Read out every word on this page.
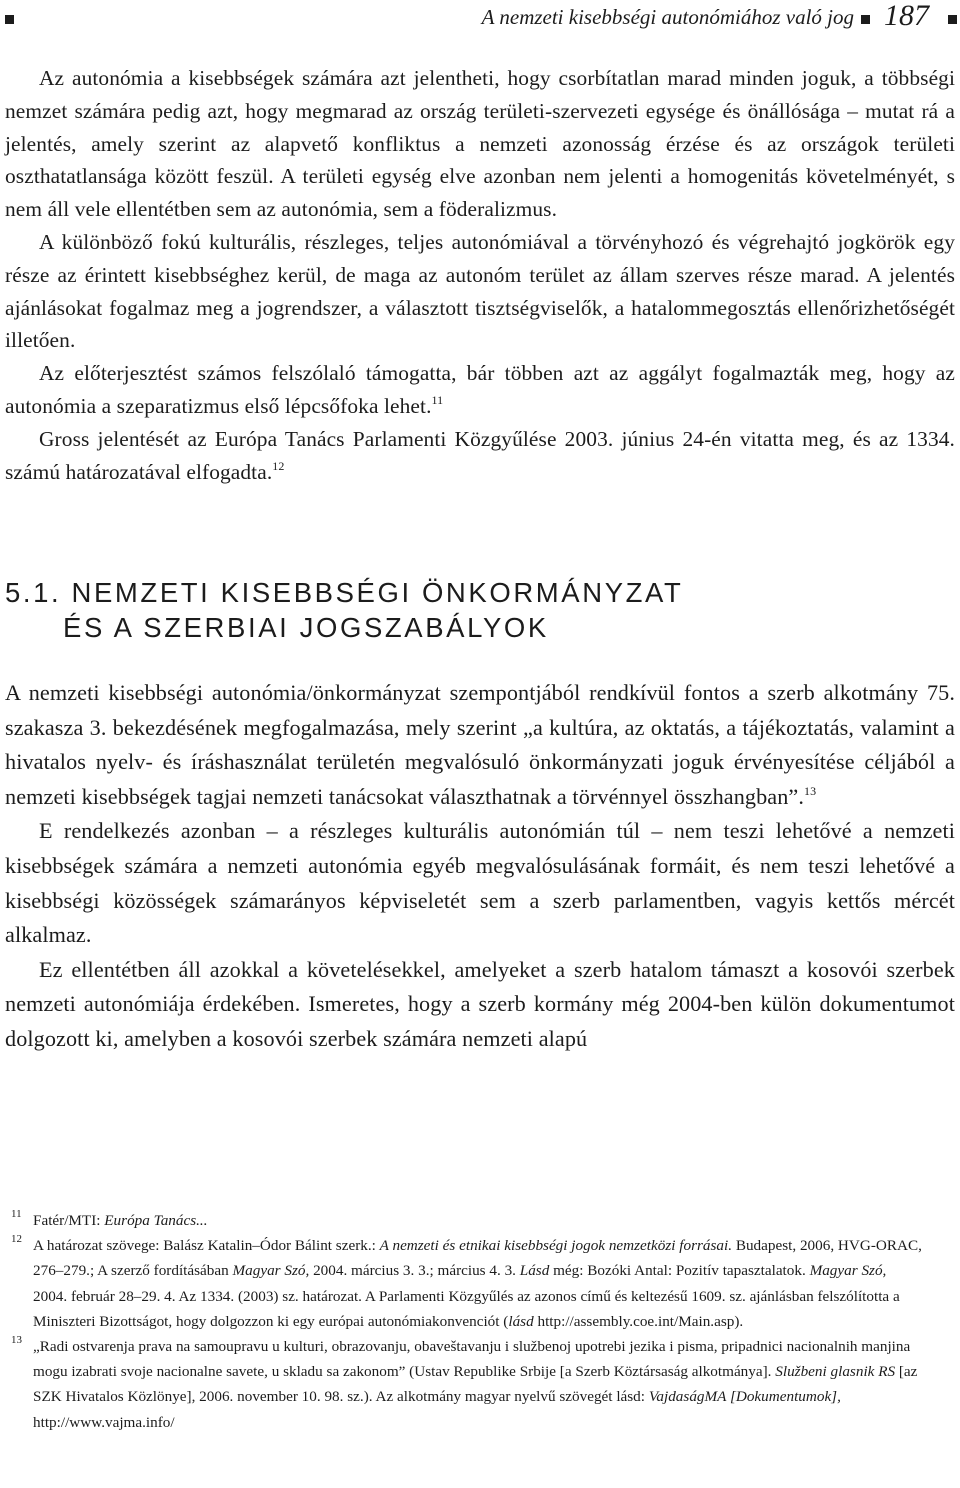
A nemzeti kisebbségi autonómiához való jog 187

Az autonómia a kisebbségek számára azt jelentheti, hogy csorbítatlan marad minden joguk, a többségi nemzet számára pedig azt, hogy megmarad az ország területi-szervezeti egysége és önállósága – mutat rá a jelentés, amely szerint az alapvető konfliktus a nemzeti azonosság érzése és az országok területi oszthatatlansága között feszül. A területi egység elve azonban nem jelenti a homogenitás követelményét, s nem áll vele ellentétben sem az autonómia, sem a föderalizmus.

A különböző fokú kulturális, részleges, teljes autonómiával a törvényhozó és végrehajtó jogkörök egy része az érintett kisebbséghez kerül, de maga az autonóm terület az állam szerves része marad. A jelentés ajánlásokat fogalmaz meg a jogrendszer, a választott tisztségviselők, a hatalommegosztás ellenőrizhetőségét illetően.

Az előterjesztést számos felszólaló támogatta, bár többen azt az aggályt fogalmazták meg, hogy az autonómia a szeparatizmus első lépcsőfoka lehet.$^{11}$

Gross jelentését az Európa Tanács Parlamenti Közgyűlése 2003. június 24-én vitatta meg, és az 1334. számú határozatával elfogadta.$^{12}$

5.1. NEMZETI KISEBBSÉGI ÖNKORMÁNYZAT
ÉS A SZERBIAI JOGSZABÁLYOK

A nemzeti kisebbségi autonómia/önkormányzat szempontjából rendkívül fontos a szerb alkotmány 75. szakasza 3. bekezdésének megfogalmazása, mely szerint „a kultúra, az oktatás, a tájékoztatás, valamint a hivatalos nyelv- és íráshasználat területén megvalósuló önkormányzati joguk érvényesítése céljából a nemzeti kisebbségek tagjai nemzeti tanácsokat választhatnak a törvénnyel összhangban”.$^{13}$

E rendelkezés azonban – a részleges kulturális autonómián túl – nem teszi lehetővé a nemzeti kisebbségek számára a nemzeti autonómia egyéb megvalósulásának formáit, és nem teszi lehetővé a kisebbségi közösségek számarányos képviseletét sem a szerb parlamentben, vagyis kettős mércét alkalmaz.

Ez ellentétben áll azokkal a követelésekkel, amelyeket a szerb hatalom támaszt a kosovói szerbek nemzeti autonómiája érdekében. Ismeretes, hogy a szerb kormány még 2004-ben külön dokumentumot dolgozott ki, amelyben a kosovói szerbek számára nemzeti alapú

11 Fatér/MTI: Európa Tanács...
12 A határozat szövege: Balász Katalin–Ódor Bálint szerk.: A nemzeti és etnikai kisebbségi jogok nemzetközi forrásai. Budapest, 2006, HVG-ORAC, 276–279.; A szerző fordításában Magyar Szó, 2004. március 3. 3.; március 4. 3. Lásd még: Bozóki Antal: Pozitív tapasztalatok. Magyar Szó, 2004. február 28–29. 4. Az 1334. (2003) sz. határozat. A Parlamenti Közgyűlés az azonos című és keltezésű 1609. sz. ajánlásban felszólította a Miniszteri Bizottságot, hogy dolgozzon ki egy európai autonómiakonvenciót (lásd http://assembly.coe.int/Main.asp).
13 „Radi ostvarenja prava na samoupravu u kulturi, obrazovanju, obaveštavanju i službenoj upotrebi jezika i pisma, pripadnici nacionalnih manjina mogu izabrati svoje nacionalne savete, u skladu sa zakonom” (Ustav Republike Srbije [a Szerb Köztársaság alkotmánya]. Službeni glasnik RS [az SZK Hivatalos Közlönye], 2006. november 10. 98. sz.). Az alkotmány magyar nyelvű szövegét lásd: VajdaságMA [Dokumentumok], http://www.vajma.info/
